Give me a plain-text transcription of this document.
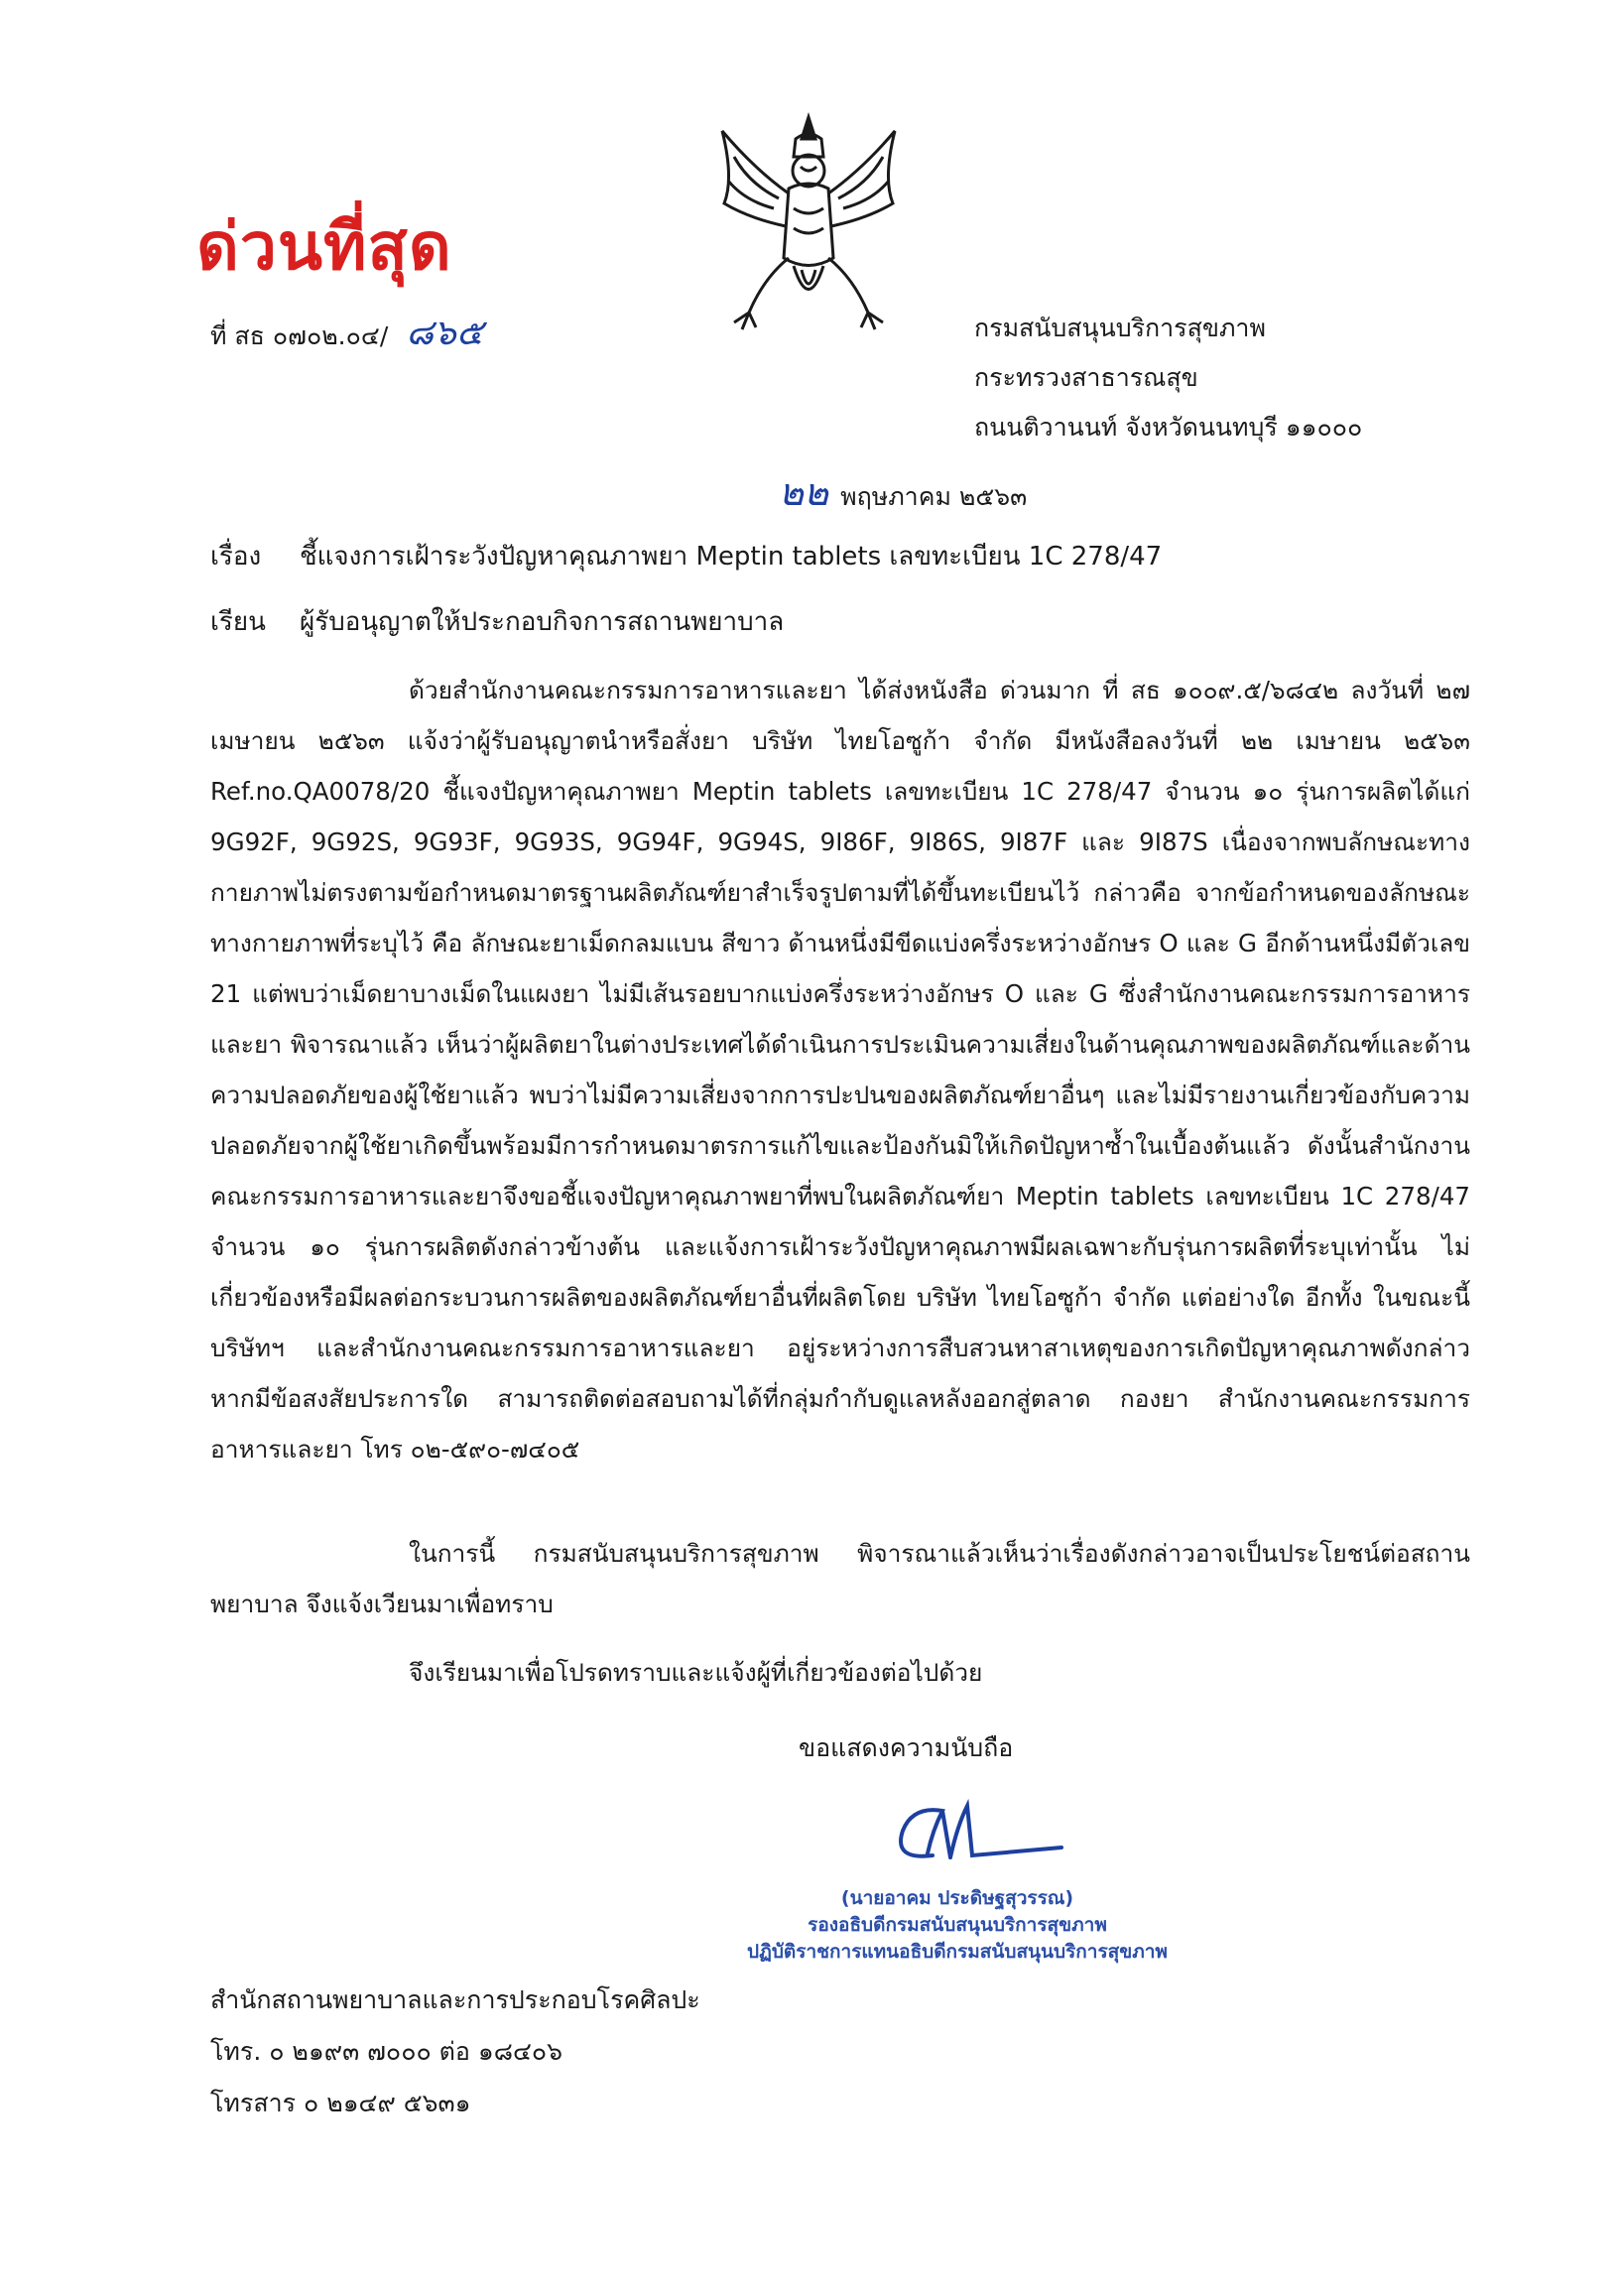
ด่วนที่สุด
ที่ สธ ๐๗๐๒.๐๔/ ๘๖๕	กรมสนับสนุนบริการสุขภาพ
กระทรวงสาธารณสุข
ถนนติวานนท์ จังหวัดนนทบุรี ๑๑๐๐๐
๒๒ พฤษภาคม ๒๕๖๓
เรื่อง ชี้แจงการเฝ้าระวังปัญหาคุณภาพยา Meptin tablets เลขทะเบียน 1C 278/47
เรียน ผู้รับอนุญาตให้ประกอบกิจการสถานพยาบาล
ด้วยสำนักงานคณะกรรมการอาหารและยา ได้ส่งหนังสือ ด่วนมาก ที่ สธ ๑๐๐๙.๕/๖๘๔๒ ลงวันที่ ๒๗ เมษายน ๒๕๖๓ แจ้งว่าผู้รับอนุญาตนำหรือสั่งยา บริษัท ไทยโอซูก้า จำกัด มีหนังสือลงวันที่ ๒๒ เมษายน ๒๕๖๓ Ref.no.QA0078/20 ชี้แจงปัญหาคุณภาพยา Meptin tablets เลขทะเบียน 1C 278/47 จำนวน ๑๐ รุ่นการผลิตได้แก่ 9G92F, 9G92S, 9G93F, 9G93S, 9G94F, 9G94S, 9I86F, 9I86S, 9I87F และ 9I87S เนื่องจากพบลักษณะทางกายภาพไม่ตรงตามข้อกำหนดมาตรฐานผลิตภัณฑ์ยาสำเร็จรูปตามที่ได้ขึ้นทะเบียนไว้ กล่าวคือ จากข้อกำหนดของลักษณะทางกายภาพที่ระบุไว้ คือ ลักษณะยาเม็ดกลมแบน สีขาว ด้านหนึ่งมีขีดแบ่งครึ่งระหว่างอักษร O และ G อีกด้านหนึ่งมีตัวเลข 21 แต่พบว่าเม็ดยาบางเม็ดในแผงยา ไม่มีเส้นรอยบากแบ่งครึ่งระหว่างอักษร O และ G ซึ่งสำนักงานคณะกรรมการอาหารและยา พิจารณาแล้ว เห็นว่าผู้ผลิตยาในต่างประเทศได้ดำเนินการประเมินความเสี่ยงในด้านคุณภาพของผลิตภัณฑ์และด้านความปลอดภัยของผู้ใช้ยาแล้ว พบว่าไม่มีความเสี่ยงจากการปะปนของผลิตภัณฑ์ยาอื่นๆ และไม่มีรายงานเกี่ยวข้องกับความปลอดภัยจากผู้ใช้ยาเกิดขึ้นพร้อมมีการกำหนดมาตรการแก้ไขและป้องกันมิให้เกิดปัญหาซ้ำในเบื้องต้นแล้ว ดังนั้นสำนักงานคณะกรรมการอาหารและยาจึงขอชี้แจงปัญหาคุณภาพยาที่พบในผลิตภัณฑ์ยา Meptin tablets เลขทะเบียน 1C 278/47 จำนวน ๑๐ รุ่นการผลิตดังกล่าวข้างต้น และแจ้งการเฝ้าระวังปัญหาคุณภาพมีผลเฉพาะกับรุ่นการผลิตที่ระบุเท่านั้น ไม่เกี่ยวข้องหรือมีผลต่อกระบวนการผลิตของผลิตภัณฑ์ยาอื่นที่ผลิตโดย บริษัท ไทยโอซูก้า จำกัด แต่อย่างใด อีกทั้ง ในขณะนี้บริษัทฯ และสำนักงานคณะกรรมการอาหารและยา อยู่ระหว่างการสืบสวนหาสาเหตุของการเกิดปัญหาคุณภาพดังกล่าว หากมีข้อสงสัยประการใด สามารถติดต่อสอบถามได้ที่กลุ่มกำกับดูแลหลังออกสู่ตลาด กองยา สำนักงานคณะกรรมการอาหารและยา โทร ๐๒-๕๙๐-๗๔๐๕
ในการนี้ กรมสนับสนุนบริการสุขภาพ พิจารณาแล้วเห็นว่าเรื่องดังกล่าวอาจเป็นประโยชน์ต่อสถานพยาบาล จึงแจ้งเวียนมาเพื่อทราบ
จึงเรียนมาเพื่อโปรดทราบและแจ้งผู้ที่เกี่ยวข้องต่อไปด้วย
ขอแสดงความนับถือ
(นายอาคม ประดิษฐสุวรรณ)
รองอธิบดีกรมสนับสนุนบริการสุขภาพ
ปฏิบัติราชการแทนอธิบดีกรมสนับสนุนบริการสุขภาพ
สำนักสถานพยาบาลและการประกอบโรคศิลปะ
โทร. ๐ ๒๑๙๓ ๗๐๐๐ ต่อ ๑๘๔๐๖
โทรสาร ๐ ๒๑๔๙ ๕๖๓๑
